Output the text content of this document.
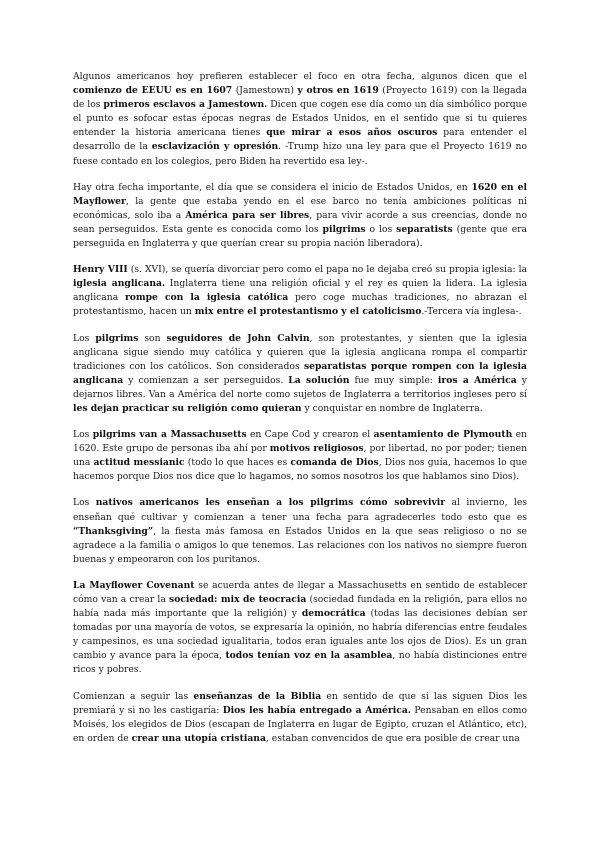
Algunos americanos hoy prefieren establecer el foco en otra fecha, algunos dicen que el comienzo de EEUU es en 1607 (Jamestown) y otros en 1619 (Proyecto 1619) con la llegada de los primeros esclavos a Jamestown. Dicen que cogen ese día como un día simbólico porque el punto es sofocar estas épocas negras de Estados Unidos, en el sentido que si tu quieres entender la historia americana tienes que mirar a esos años oscuros para entender el desarrollo de la esclavización y opresión. -Trump hizo una ley para que el Proyecto 1619 no fuese contado en los colegios, pero Biden ha revertido esa ley-.

Hay otra fecha importante, el día que se considera el inicio de Estados Unidos, en 1620 en el Mayflower, la gente que estaba yendo en el ese barco no tenía ambiciones políticas ni económicas, solo iba a América para ser libres, para vivir acorde a sus creencias, donde no sean perseguidos. Esta gente es conocida como los pilgrims o los separatists (gente que era perseguida en Inglaterra y que querían crear su propia nación liberadora).

Henry VIII (s. XVI), se quería divorciar pero como el papa no le dejaba creó su propia iglesia: la iglesia anglicana. Inglaterra tiene una religión oficial y el rey es quien la lidera. La iglesia anglicana rompe con la iglesia católica pero coge muchas tradiciones, no abrazan el protestantismo, hacen un mix entre el protestantismo y el catolicismo.-Tercera vía inglesa-.

Los pilgrims son seguidores de John Calvin, son protestantes, y sienten que la iglesia anglicana sigue siendo muy católica y quieren que la iglesia anglicana rompa el compartir tradiciones con los católicos. Son considerados separatistas porque rompen con la iglesia anglicana y comienzan a ser perseguidos. La solución fue muy simple: iros a América y dejarnos libres. Van a América del norte como sujetos de Inglaterra a territorios ingleses pero sí les dejan practicar su religión como quieran y conquistar en nombre de Inglaterra.

Los pilgrims van a Massachusetts en Cape Cod y crearon el asentamiento de Plymouth en 1620. Este grupo de personas iba ahí por motivos religiosos, por libertad, no por poder; tienen una actitud messianic (todo lo que haces es comanda de Dios, Dios nos guía, hacemos lo que hacemos porque Dios nos dice que lo hagamos, no somos nosotros los que hablamos sino Dios).

Los nativos americanos les enseñan a los pilgrims cómo sobrevivir al invierno, les enseñan qué cultivar y comienzan a tener una fecha para agradecerles todo esto que es “Thanksgiving”, la fiesta más famosa en Estados Unidos en la que seas religioso o no se agradece a la familia o amigos lo que tenemos. Las relaciones con los nativos no siempre fueron buenas y empeoraron con los puritanos.

La Mayflower Covenant se acuerda antes de llegar a Massachusetts en sentido de establecer cómo van a crear la sociedad: mix de teocracia (sociedad fundada en la religión, para ellos no había nada más importante que la religión) y democrática (todas las decisiones debían ser tomadas por una mayoría de votos, se expresaría la opinión, no habría diferencias entre feudales y campesinos, es una sociedad igualitaria, todos eran iguales ante los ojos de Dios). Es un gran cambio y avance para la época, todos tenían voz en la asamblea, no había distinciones entre ricos y pobres.

Comienzan a seguir las enseñanzas de la Biblia en sentido de que si las siguen Dios les premiará y si no les castigaría: Dios les había entregado a América. Pensaban en ellos como Moisés, los elegidos de Dios (escapan de Inglaterra en lugar de Egipto, cruzan el Atlántico, etc), en orden de crear una utopía cristiana, estaban convencidos de que era posible de crear una
